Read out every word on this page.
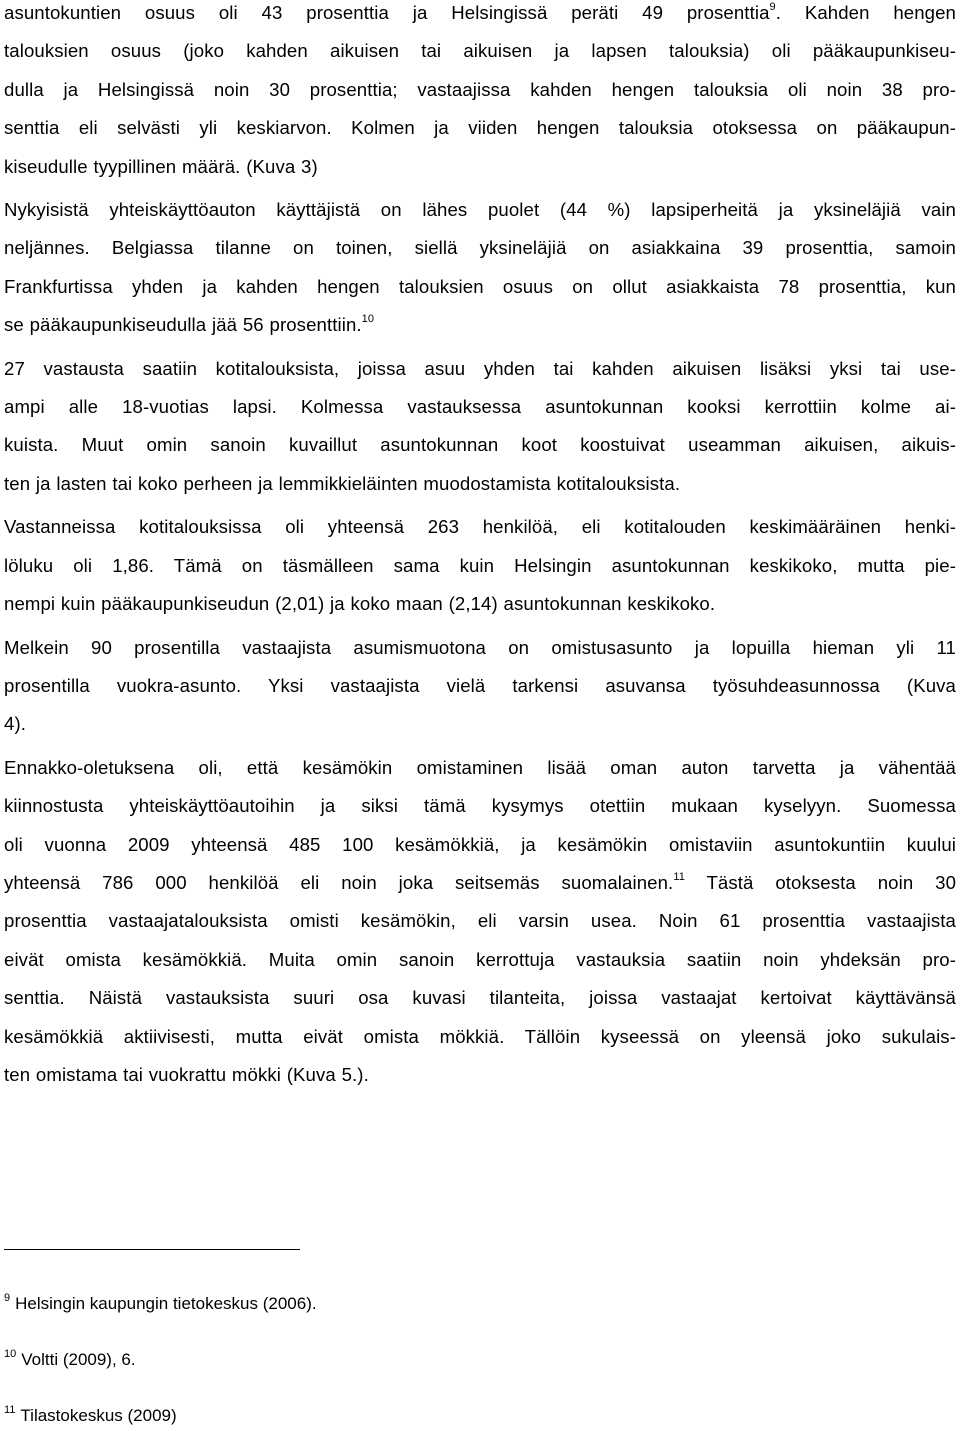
asuntokuntien osuus oli 43 prosenttia ja Helsingissä peräti 49 prosenttia$^9$. Kahden hengen
talouksien osuus (joko kahden aikuisen tai aikuisen ja lapsen talouksia) oli pääkaupunkiseu-
dulla ja Helsingissä noin 30 prosenttia; vastaajissa kahden hengen talouksia oli noin 38 pro-
senttia eli selvästi yli keskiarvon. Kolmen ja viiden hengen talouksia otoksessa on pääkaupun-
kiseudulle tyypillinen määrä. (Kuva 3)

Nykyisistä yhteiskäyttöauton käyttäjistä on lähes puolet (44 %) lapsiperheitä ja yksineläjiä vain
neljännes. Belgiassa tilanne on toinen, siellä yksineläjiä on asiakkaina 39 prosenttia, samoin
Frankfurtissa yhden ja kahden hengen talouksien osuus on ollut asiakkaista 78 prosenttia, kun
se pääkaupunkiseudulla jää 56 prosenttiin.$^{10}$

27 vastausta saatiin kotitalouksista, joissa asuu yhden tai kahden aikuisen lisäksi yksi tai use-
ampi alle 18-vuotias lapsi. Kolmessa vastauksessa asuntokunnan kooksi kerrottiin kolme ai-
kuista. Muut omin sanoin kuvaillut asuntokunnan koot koostuivat useamman aikuisen, aikuis-
ten ja lasten tai koko perheen ja lemmikkieläinten muodostamista kotitalouksista.

Vastanneissa kotitalouksissa oli yhteensä 263 henkilöä, eli kotitalouden keskimääräinen henki-
löluku oli 1,86. Tämä on täsmälleen sama kuin Helsingin asuntokunnan keskikoko, mutta pie-
nempi kuin pääkaupunkiseudun (2,01) ja koko maan (2,14) asuntokunnan keskikoko.

Melkein 90 prosentilla vastaajista asumismuotona on omistusasunto ja lopuilla hieman yli 11
prosentilla vuokra-asunto. Yksi vastaajista vielä tarkensi asuvansa työsuhdeasunnossa (Kuva
4).

Ennakko-oletuksena oli, että kesämökin omistaminen lisää oman auton tarvetta ja vähentää
kiinnostusta yhteiskäyttöautoihin ja siksi tämä kysymys otettiin mukaan kyselyyn. Suomessa
oli vuonna 2009 yhteensä 485 100 kesämökkiä, ja kesämökin omistaviin asuntokuntiin kuului
yhteensä 786 000 henkilöä eli noin joka seitsemäs suomalainen.$^{11}$ Tästä otoksesta noin 30
prosenttia vastaajatalouksista omisti kesämökin, eli varsin usea. Noin 61 prosenttia vastaajista
eivät omista kesämökkiä. Muita omin sanoin kerrottuja vastauksia saatiin noin yhdeksän pro-
senttia. Näistä vastauksista suuri osa kuvasi tilanteita, joissa vastaajat kertoivat käyttävänsä
kesämökkiä aktiivisesti, mutta eivät omista mökkiä. Tällöin kyseessä on yleensä joko sukulais-
ten omistama tai vuokrattu mökki (Kuva 5.).

$^9$ Helsingin kaupungin tietokeskus (2006).
$^{10}$ Voltti (2009), 6.
$^{11}$ Tilastokeskus (2009)
